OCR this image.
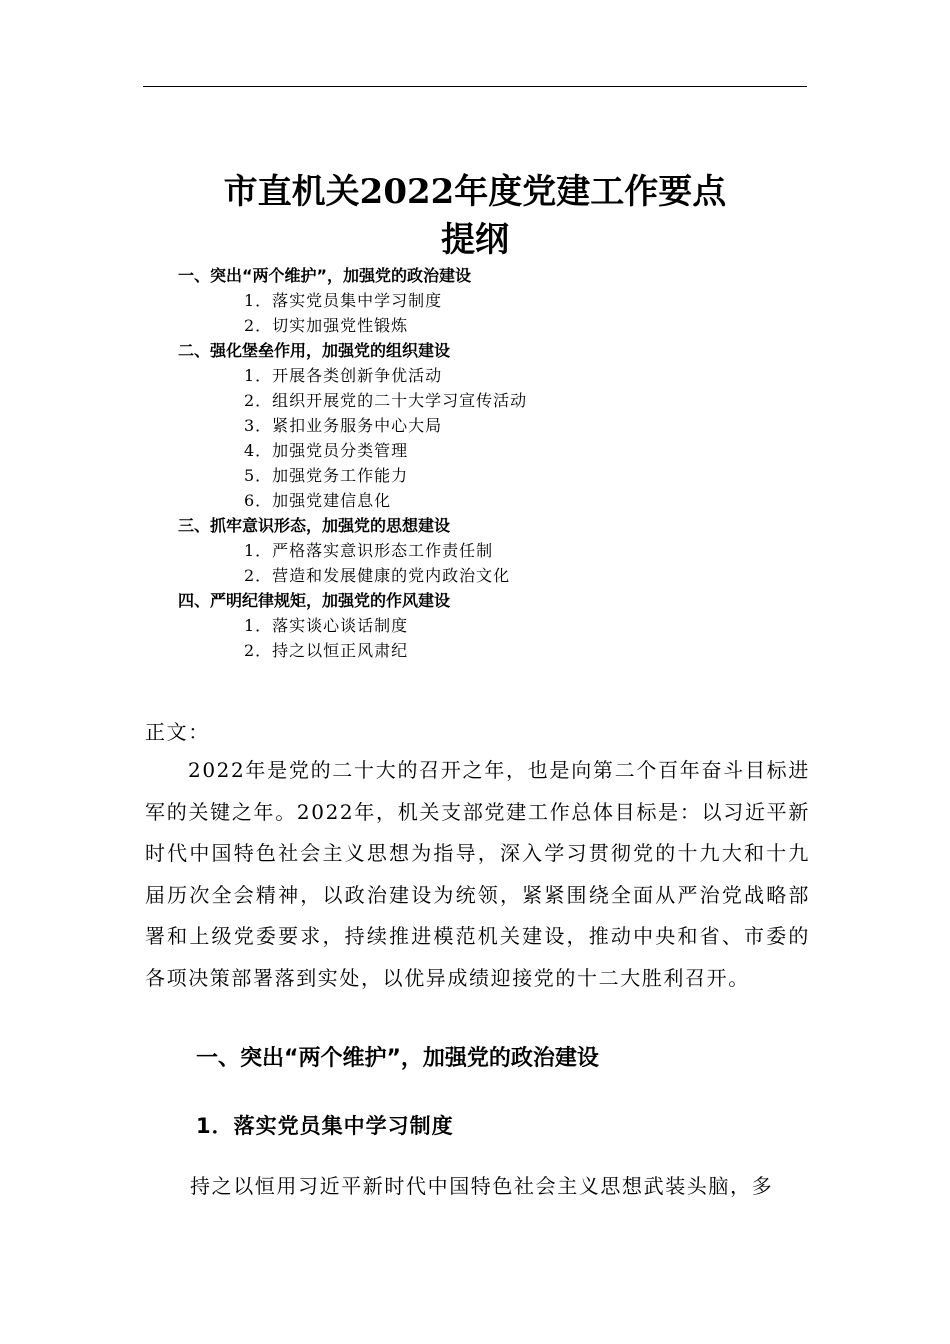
市直机关2022年度党建工作要点
提纲
一、突出“两个维护”，加强党的政治建设
1．落实党员集中学习制度
2．切实加强党性锻炼
二、强化堡垒作用，加强党的组织建设
1．开展各类创新争优活动
2．组织开展党的二十大学习宣传活动
3．紧扣业务服务中心大局
4．加强党员分类管理
5．加强党务工作能力
6．加强党建信息化
三、抓牢意识形态，加强党的思想建设
1．严格落实意识形态工作责任制
2．营造和发展健康的党内政治文化
四、严明纪律规矩，加强党的作风建设
1．落实谈心谈话制度
2．持之以恒正风肃纪
正文：
2022年是党的二十大的召开之年，也是向第二个百年奋斗目标进军的关键之年。2022年，机关支部党建工作总体目标是：以习近平新时代中国特色社会主义思想为指导，深入学习贯彻党的十九大和十九届历次全会精神，以政治建设为统领，紧紧围绕全面从严治党战略部署和上级党委要求，持续推进模范机关建设，推动中央和省、市委的各项决策部署落到实处，以优异成绩迎接党的十二大胜利召开。
一、突出“两个维护”，加强党的政治建设
1．落实党员集中学习制度
持之以恒用习近平新时代中国特色社会主义思想武装头脑，多
